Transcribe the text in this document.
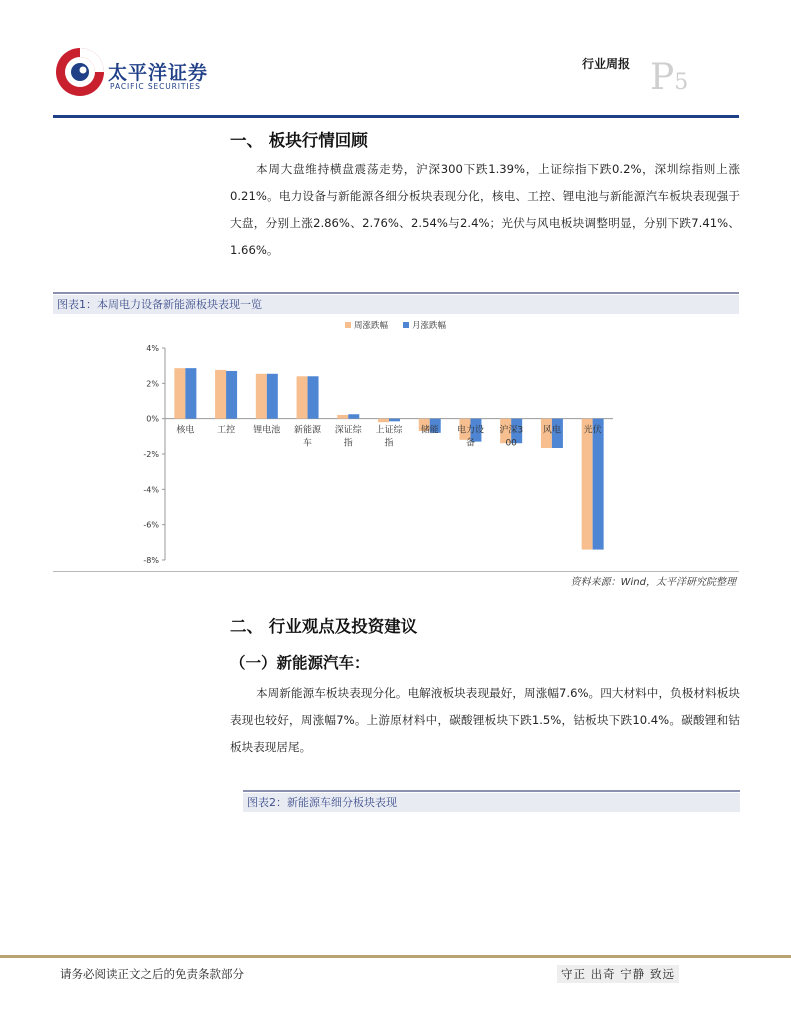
太平洋证券
PACIFIC SECURITIES
行业周报 P5
一、 板块行情回顾
本周大盘维持横盘震荡走势，沪深300下跌1.39%，上证综指下跌0.2%，深圳综指则上涨0.21%。电力设备与新能源各细分板块表现分化，核电、工控、锂电池与新能源汽车板块表现强于大盘，分别上涨2.86%、2.76%、2.54%与2.4%；光伏与风电板块调整明显，分别下跌7.41%、1.66%。
图表1：本周电力设备新能源板块表现一览
4%
2%
0%
-2%
-4%
-6%
-8%
核电	工控 锂电池 新能源
车
深证综
指
上证综
指
储能 电力设
备
沪深3
00
风电	光伏
周涨跌幅	月涨跌幅
资料来源：Wind，太平洋研究院整理
二、 行业观点及投资建议
（一）新能源汽车：
本周新能源车板块表现分化。电解液板块表现最好，周涨幅7.6%。四大材料中，负极材料板块表现也较好，周涨幅7%。上游原材料中，碳酸锂板块下跌1.5%，钴板块下跌10.4%。碳酸锂和钴板块表现居尾。
图表2：新能源车细分板块表现
请务必阅读正文之后的免责条款部分	守正 出奇 宁静 致远
